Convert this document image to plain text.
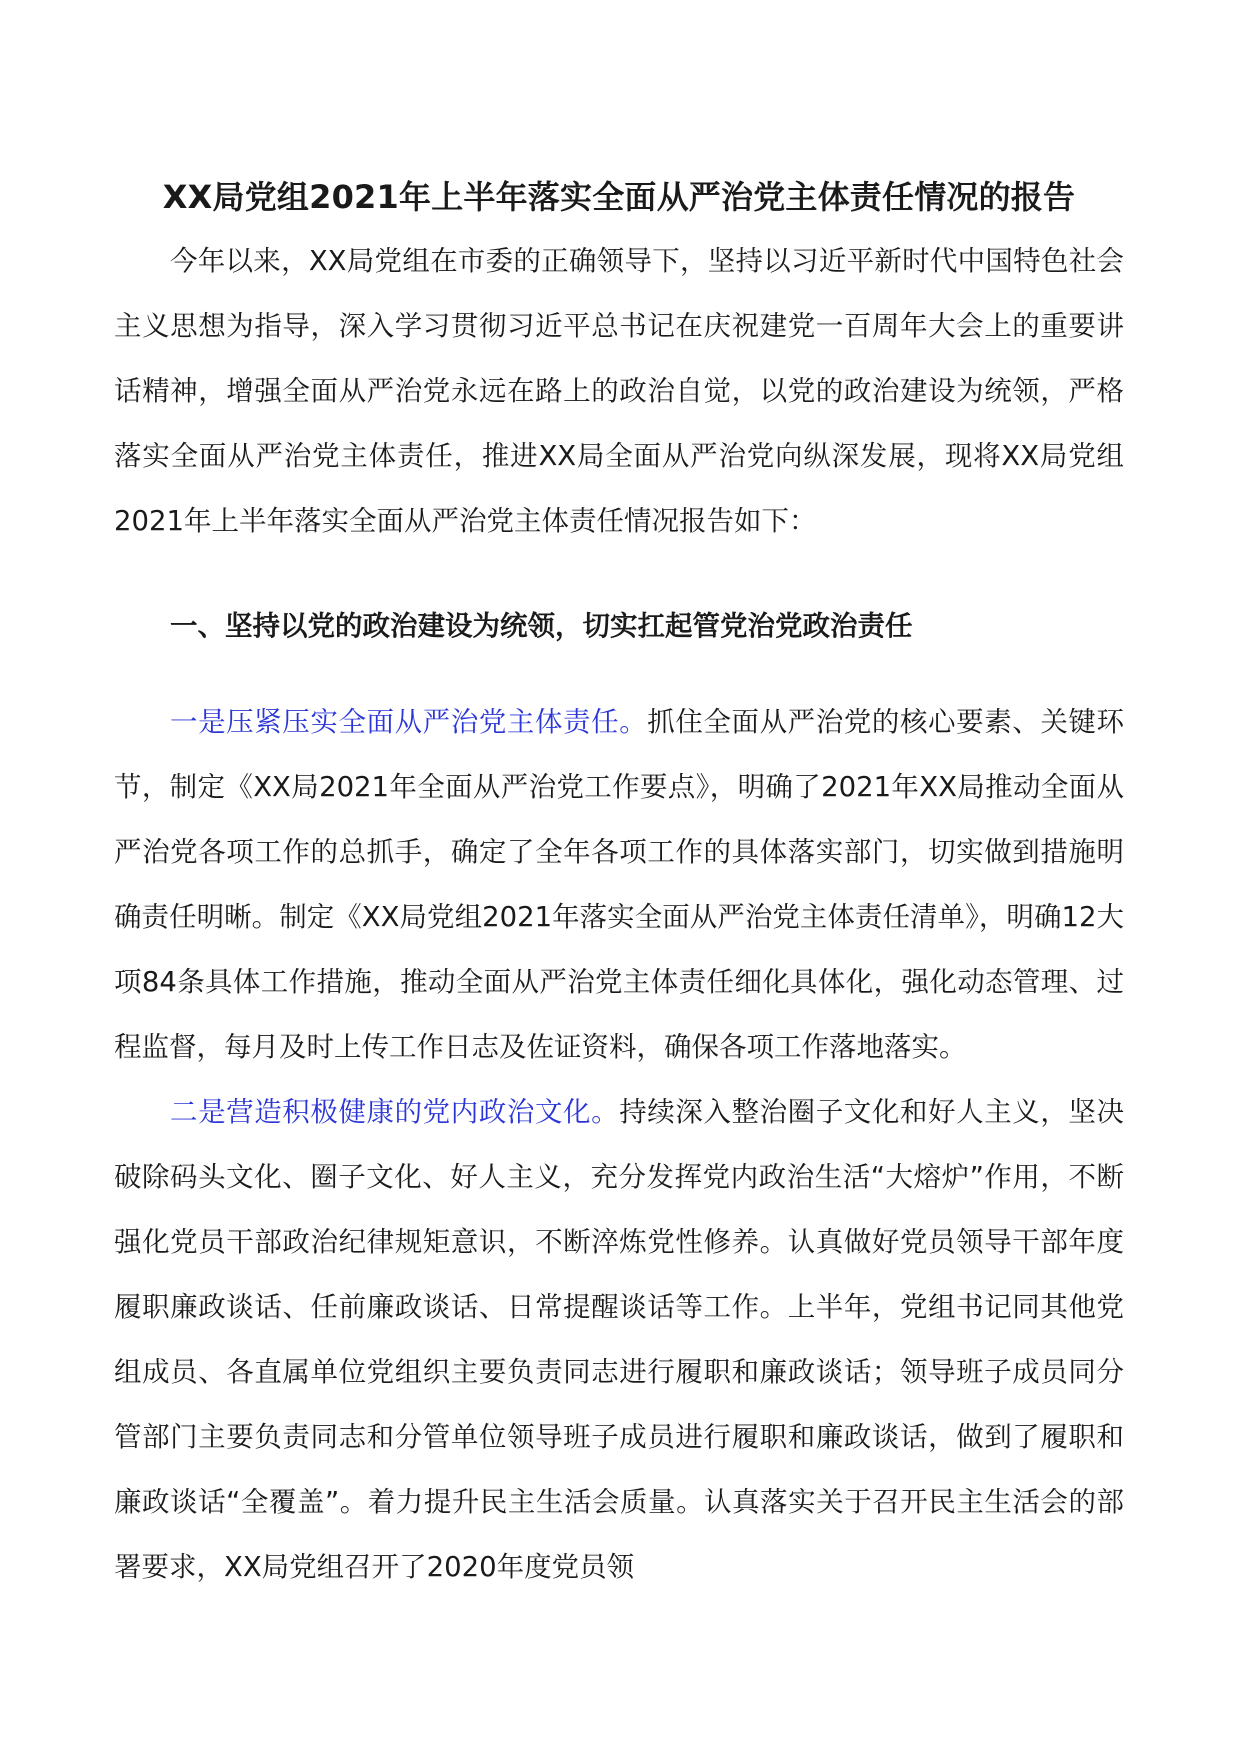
XX局党组2021年上半年落实全面从严治党主体责任情况的报告

今年以来，XX局党组在市委的正确领导下，坚持以习近平新时代中国特色社会主义思想为指导，深入学习贯彻习近平总书记在庆祝建党一百周年大会上的重要讲话精神，增强全面从严治党永远在路上的政治自觉，以党的政治建设为统领，严格落实全面从严治党主体责任，推进XX局全面从严治党向纵深发展，现将XX局党组2021年上半年落实全面从严治党主体责任情况报告如下：

一、坚持以党的政治建设为统领，切实扛起管党治党政治责任

一是压紧压实全面从严治党主体责任。抓住全面从严治党的核心要素、关键环节，制定《XX局2021年全面从严治党工作要点》，明确了2021年XX局推动全面从严治党各项工作的总抓手，确定了全年各项工作的具体落实部门，切实做到措施明确责任明晰。制定《XX局党组2021年落实全面从严治党主体责任清单》，明确12大项84条具体工作措施，推动全面从严治党主体责任细化具体化，强化动态管理、过程监督，每月及时上传工作日志及佐证资料，确保各项工作落地落实。

二是营造积极健康的党内政治文化。持续深入整治圈子文化和好人主义，坚决破除码头文化、圈子文化、好人主义，充分发挥党内政治生活“大熔炉”作用，不断强化党员干部政治纪律规矩意识，不断淬炼党性修养。认真做好党员领导干部年度履职廉政谈话、任前廉政谈话、日常提醒谈话等工作。上半年，党组书记同其他党组成员、各直属单位党组织主要负责同志进行履职和廉政谈话；领导班子成员同分管部门主要负责同志和分管单位领导班子成员进行履职和廉政谈话，做到了履职和廉政谈话“全覆盖”。着力提升民主生活会质量。认真落实关于召开民主生活会的部署要求，XX局党组召开了2020年度党员领
